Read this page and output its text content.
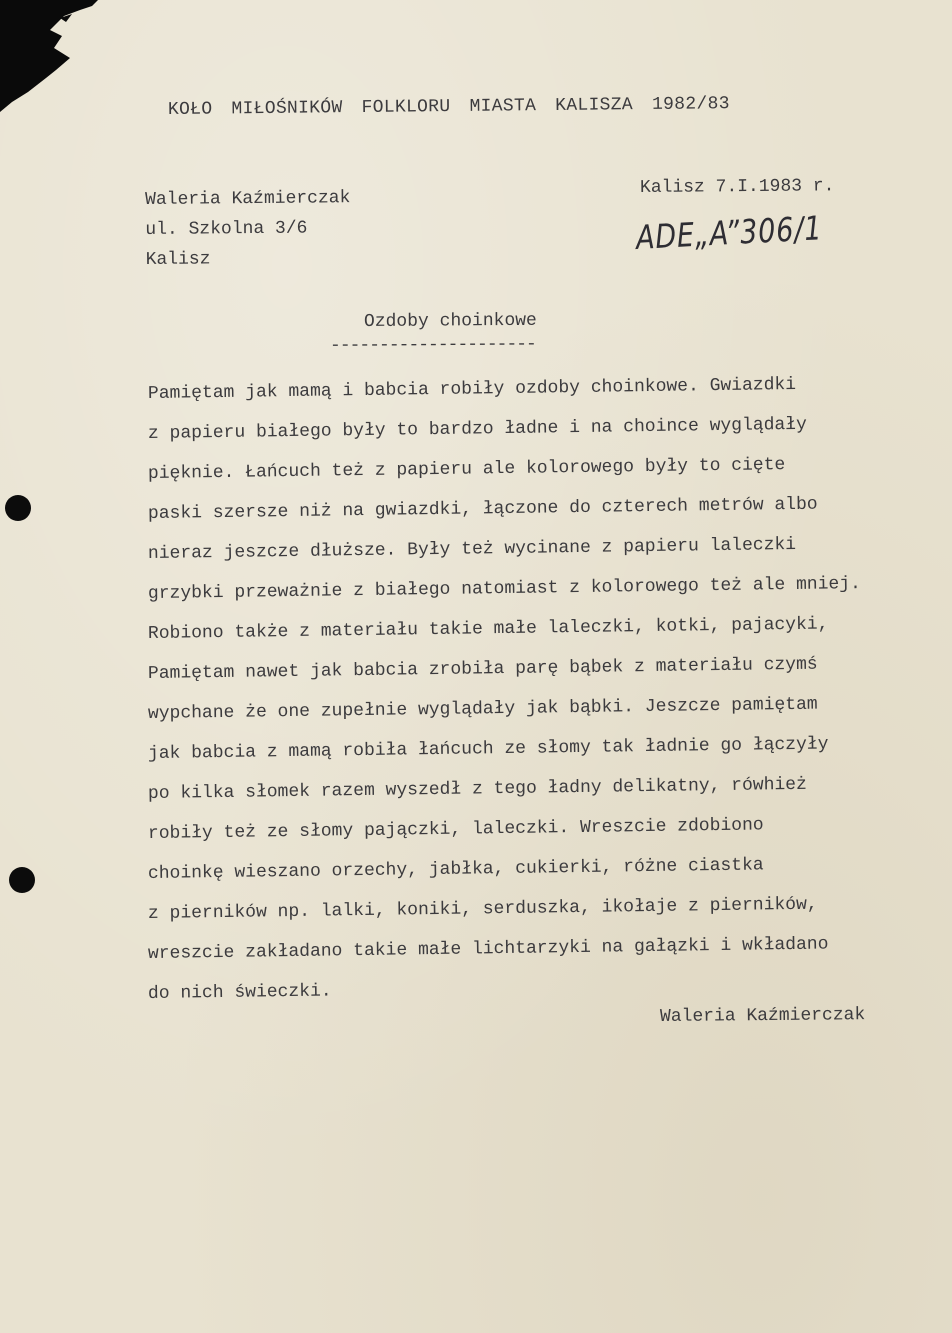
KOŁO MIŁOŚNIKÓW FOLKLORU MIASTA KALISZA 1982/83
Waleria Kaźmierczak
ul. Szkolna 3/6
Kalisz
Kalisz 7.I.1983 r.
ADE„A”306/1
Ozdoby choinkowe
---------------------
Pamiętam jak mamą i babcia robiły ozdoby choinkowe. Gwiazdki
z papieru białego były to bardzo ładne i na choince wyglądały
pięknie. Łańcuch też z papieru ale kolorowego były to cięte
paski szersze niż na gwiazdki, łączone do czterech metrów albo
nieraz jeszcze dłuższe. Były też wycinane z papieru laleczki
grzybki przeważnie z białego natomiast z kolorowego też ale mniej.
Robiono także z materiału takie małe laleczki, kotki, pajacyki,
Pamiętam nawet jak babcia zrobiła parę bąbek z materiału czymś
wypchane że one zupełnie wyglądały jak bąbki. Jeszcze pamiętam
jak babcia z mamą robiła łańcuch ze słomy tak ładnie go łączyły
po kilka słomek razem wyszedł z tego ładny delikatny, rówhież
robiły też ze słomy pajączki, laleczki. Wreszcie zdobiono
choinkę wieszano orzechy, jabłka, cukierki, różne ciastka
z pierników np. lalki, koniki, serduszka, ikołaje z pierników,
wreszcie zakładano takie małe lichtarzyki na gałązki i wkładano
do nich świeczki.
Waleria Kaźmierczak
